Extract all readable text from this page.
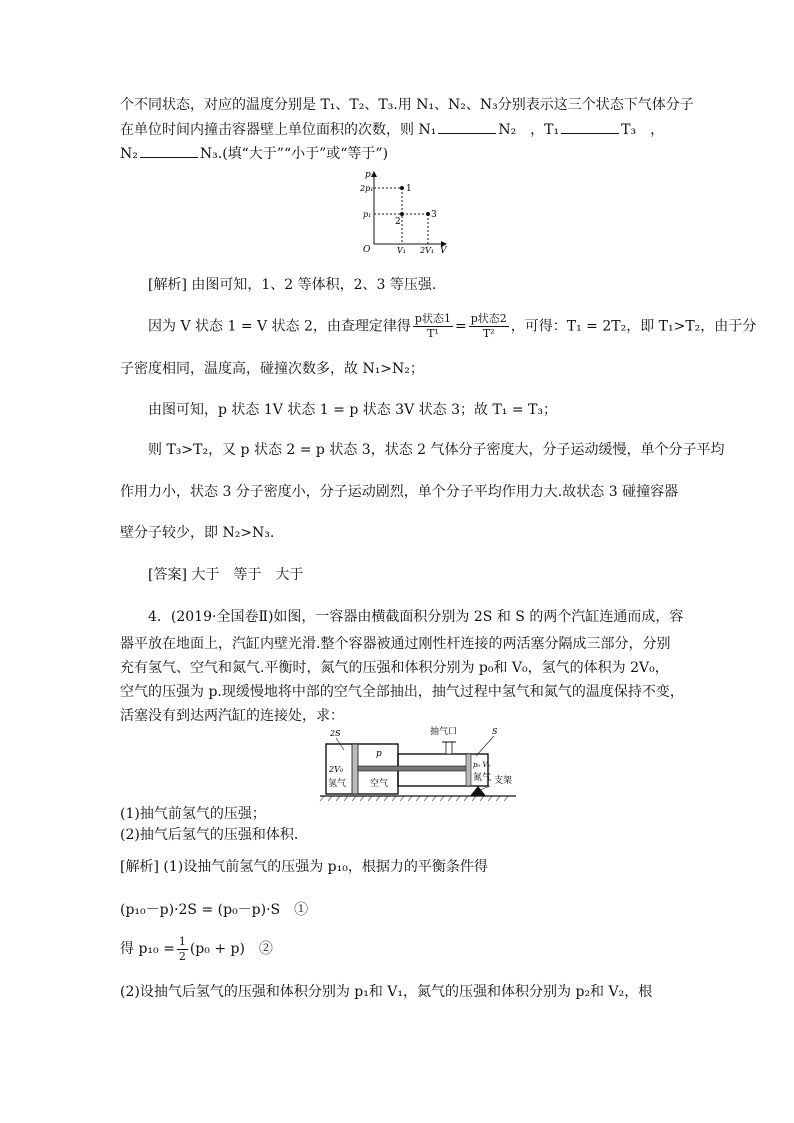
个不同状态，对应的温度分别是 T₁、T₂、T₃.用 N₁、N₂、N₃分别表示这三个状态下气体分子
在单位时间内撞击容器壁上单位面积的次数，则 N₁	N₂　，T₁	T₃　，
N₂	N₃.(填“大于”“小于”或“等于”)
p
2p₁
p₁
O	V₁ 2V₁ V
1
2
3
[解析] 由图可知，1、2 等体积，2、3 等压强.
因为 V 状态 1 = V 状态 2，由查理定律得 $\frac{\text{p状态1}}{\text{T¹}} = \frac{\text{p状态2}}{\text{T²}}$ ，可得：T₁ = 2T₂，即 T₁>T₂，由于分
子密度相同，温度高，碰撞次数多，故 N₁>N₂；
由图可知，p 状态 1V 状态 1 = p 状态 3V 状态 3；故 T₁ = T₃；
则 T₃>T₂，又 p 状态 2 = p 状态 3，状态 2 气体分子密度大，分子运动缓慢，单个分子平均
作用力小，状态 3 分子密度小，分子运动剧烈，单个分子平均作用力大.故状态 3 碰撞容器
壁分子较少，即 N₂>N₃.
[答案] 大于　等于　大于
4．(2019·全国卷Ⅱ)如图，一容器由横截面积分别为 2S 和 S 的两个汽缸连通而成，容
器平放在地面上，汽缸内壁光滑.整个容器被通过刚性杆连接的两活塞分隔成三部分，分别
充有氢气、空气和氮气.平衡时，氮气的压强和体积分别为 p₀和 V₀，氢气的体积为 2V₀，
空气的压强为 p.现缓慢地将中部的空气全部抽出，抽气过程中氢气和氮气的温度保持不变，
活塞没有到达两汽缸的连接处，求：
2S	抽气口	S
p
2V₀
氢气	空气
p₀ V₀
氮气 支架
(1)抽气前氢气的压强；
(2)抽气后氢气的压强和体积.
[解析] (1)设抽气前氢气的压强为 p₁₀，根据力的平衡条件得
(p₁₀－p)·2S = (p₀－p)·S　①
得 $p_{10} = \frac{1}{2} (p_0 + p)$　②
(2)设抽气后氢气的压强和体积分别为 p₁和 V₁，氮气的压强和体积分别为 p₂和 V₂，根
